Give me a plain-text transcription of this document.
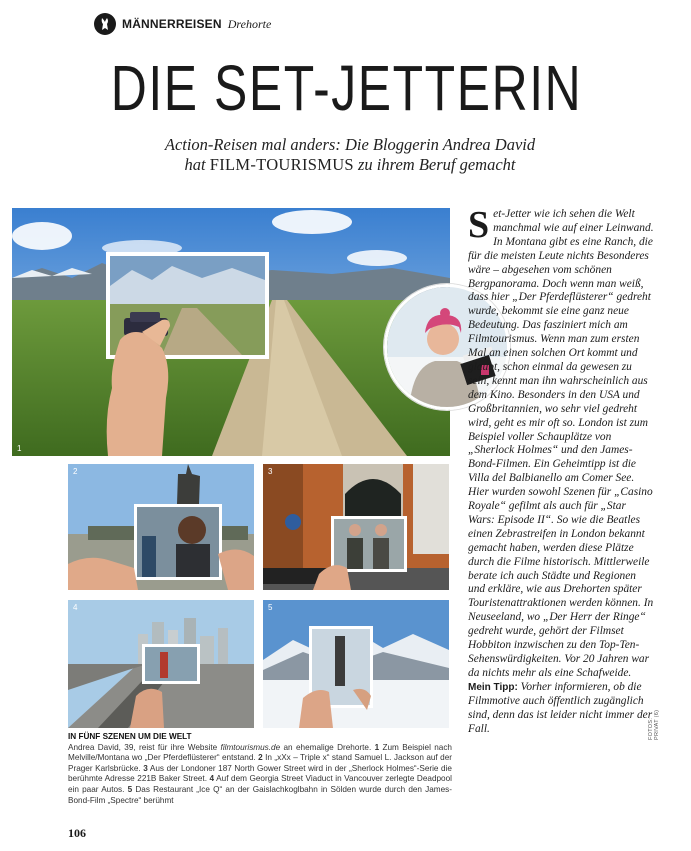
MÄNNERREISEN Drehorte
DIE SET-JETTERIN
Action-Reisen mal anders: Die Bloggerin Andrea David
hat FILM-TOURISMUS zu ihrem Beruf gemacht
1
2	3
4	5
S et-Jetter wie ich sehen die Welt manchmal wie auf einer Leinwand. In Montana gibt es eine Ranch, die für die meisten Leute nichts Besonderes wäre – abgesehen vom schönen Bergpanorama. Doch wenn man weiß, dass hier „Der Pferdeflüsterer“ gedreht wurde, bekommt sie eine ganz neue Bedeutung. Das fasziniert mich am Filmtourismus. Wenn man zum ersten Mal an einen solchen Ort kommt und glaubt, schon einmal da gewesen zu sein, kennt man ihn wahrscheinlich aus dem Kino. Besonders in den USA und Großbritannien, wo sehr viel gedreht wird, geht es mir oft so. London ist zum Beispiel voller Schauplätze von „Sherlock Holmes“ und den James-Bond-Filmen. Ein Geheimtipp ist die Villa del Balbianello am Comer See. Hier wurden sowohl Szenen für „Casino Royale“ gefilmt als auch für „Star Wars: Episode II“. So wie die Beatles einen Zebrastreifen in London bekannt gemacht haben, werden diese Plätze durch die Filme historisch. Mittlerweile berate ich auch Städte und Regionen und erkläre, wie aus Drehorten später Touristenattraktionen werden können. In Neuseeland, wo „Der Herr der Ringe“ gedreht wurde, gehört der Filmset Hobbiton inzwischen zu den Top-Ten-Sehenswürdigkeiten. Vor 20 Jahren war da nichts mehr als eine Schafweide.
Mein Tipp: Vorher informieren, ob die Filmmotive auch öffentlich zugänglich sind, denn das ist leider nicht immer der Fall.
IN FÜNF SZENEN UM DIE WELT
Andrea David, 39, reist für ihre Website filmtourismus.de an ehemalige Drehorte. 1 Zum Beispiel nach Melville/Montana wo „Der Pferdeflüsterer“ entstand. 2 In „xXx – Triple x“ stand Samuel L. Jackson auf der Prager Karlsbrücke. 3 Aus der Londoner 187 North Gower Street wird in der „Sherlock Holmes“-Serie die berühmte Adresse 221B Baker Street. 4 Auf dem Georgia Street Viaduct in Vancouver zerlegte Deadpool ein paar Autos. 5 Das Restaurant „Ice Q“ an der Gaislachkoglbahn in Sölden wurde durch den James-Bond-Film „Spectre“ berühmt
106
FOTOS: PRIVAT (6)
